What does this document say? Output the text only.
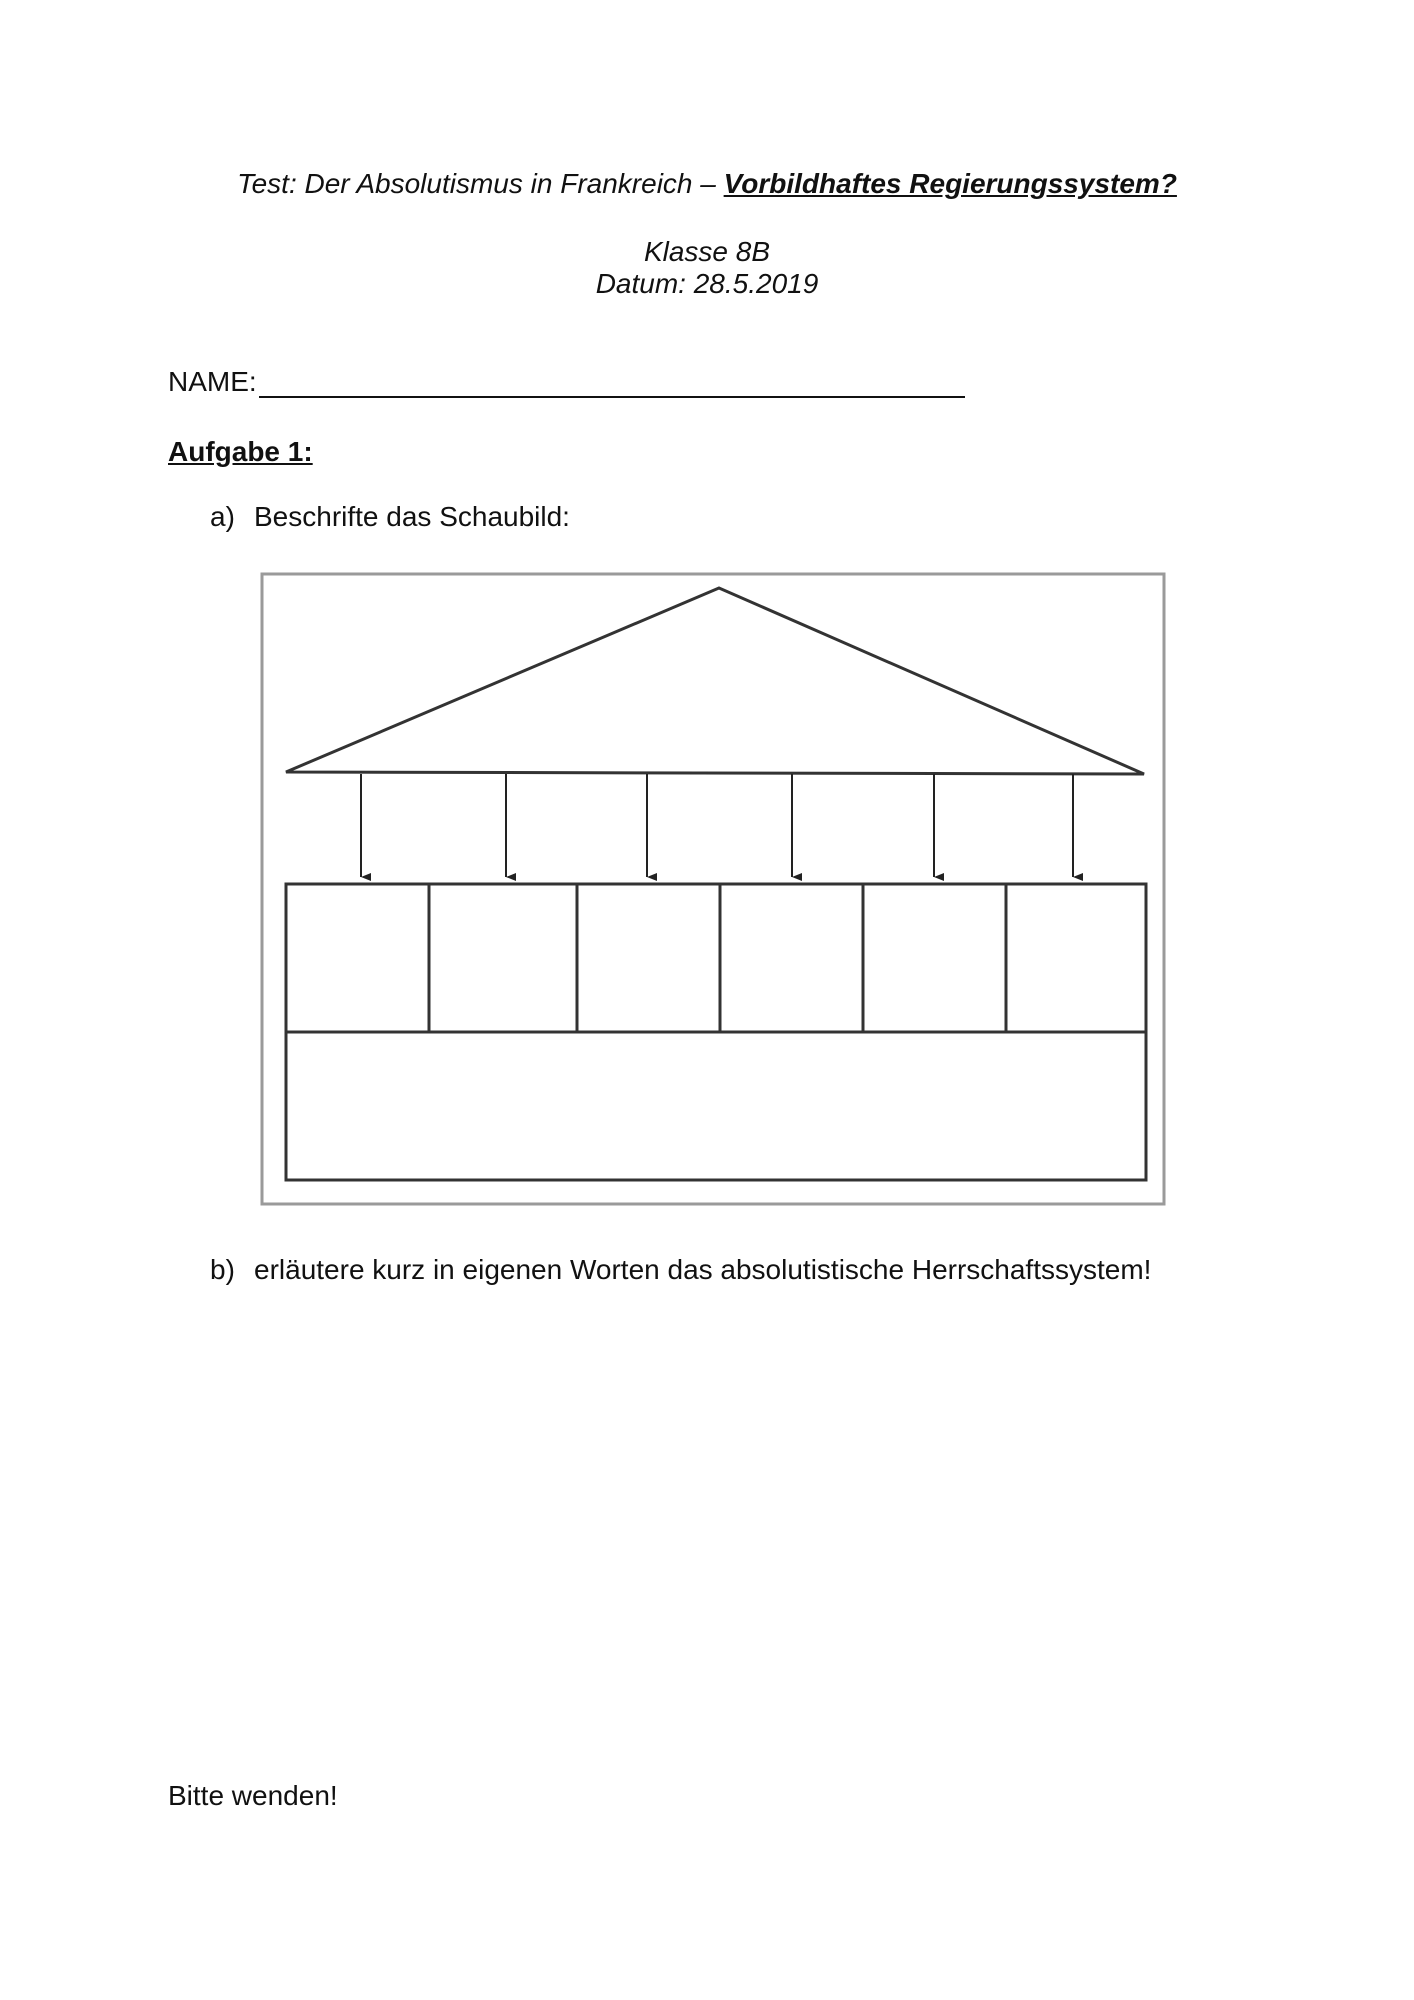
Test: Der Absolutismus in Frankreich – Vorbildhaftes Regierungssystem?
Klasse 8B
Datum: 28.5.2019
NAME:
Aufgabe 1:
a) Beschrifte das Schaubild:
b) erläutere kurz in eigenen Worten das absolutistische Herrschaftssystem!
Bitte wenden!
